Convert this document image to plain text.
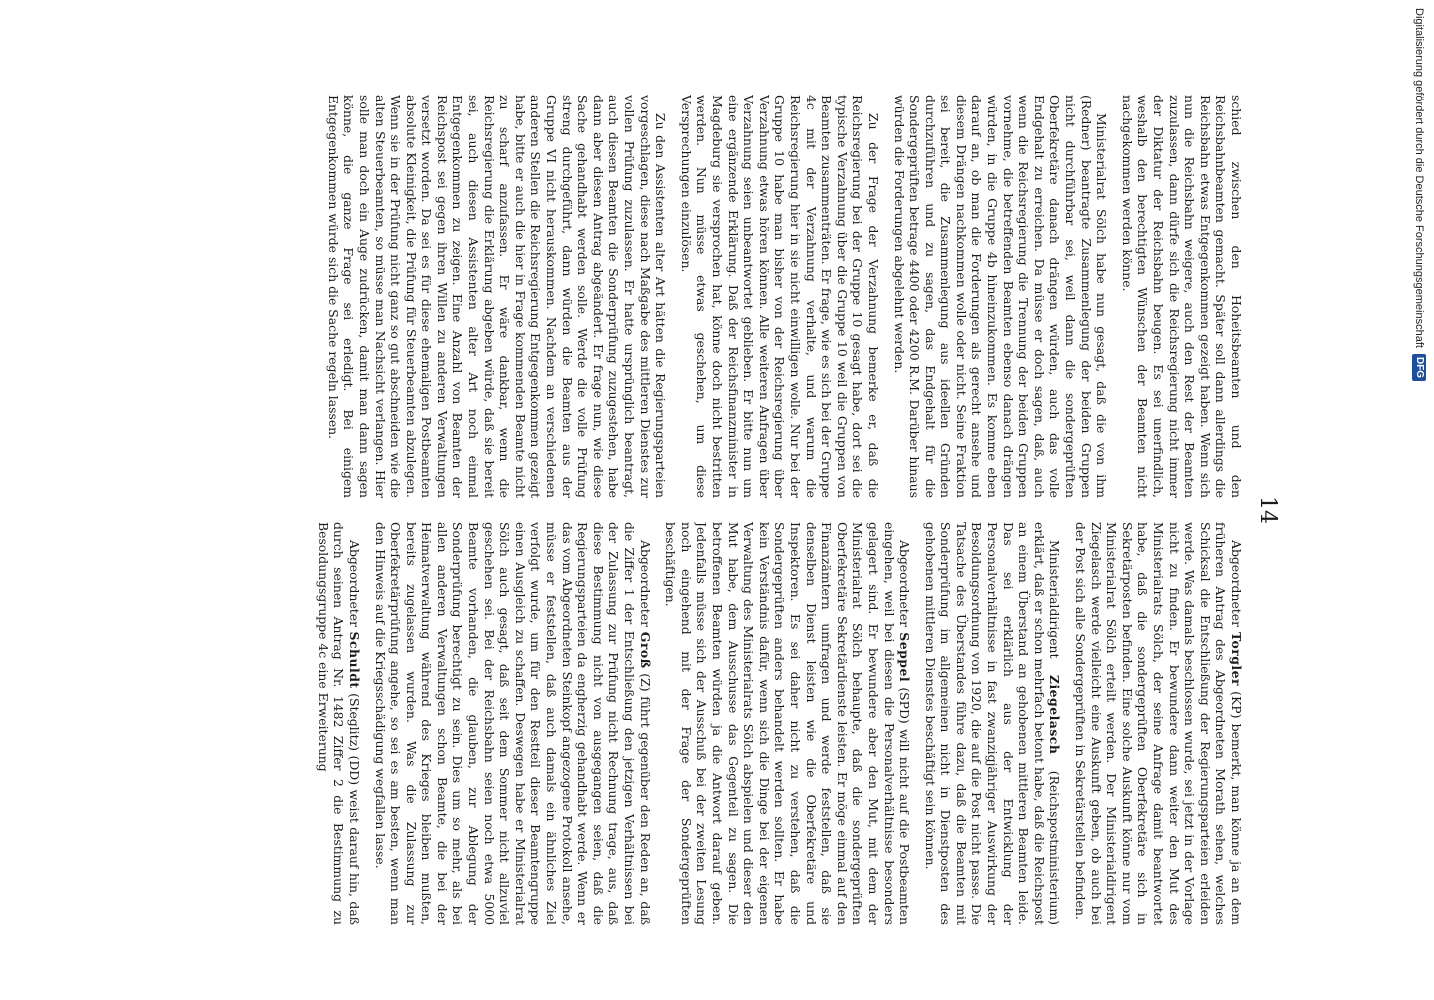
14

schied zwischen den Hoheitsbeamten und den Reichsbahnbeamten gemacht. Später soll dann allerdings die Reichsbahn etwas Entgegenkommen gezeigt haben. Wenn sich nun die Reichsbahn weigere, auch den Rest der Beamten zuzulassen, dann dürfe sich die Reichsregierung nicht immer der Diktatur der Reichsbahn beugen. Es sei unerfindlich, weshalb den berechtigten Wünschen der Beamten nicht nachgekommen werden könne.

Ministerialrat Sölch habe nun gesagt, daß die von ihm (Redner) beantragte Zusammenlegung der beiden Gruppen nicht durchführbar sei, weil dann die sondergeprüften Oberfekretäre danach drängen würden, auch das volle Endgehalt zu erreichen. Da müsse er doch sagen, daß, auch wenn die Reichsregierung die Trennung der beiden Gruppen vornehme, die betreffenden Beamten ebenso danach drängen würden, in die Gruppe 4b hineinzukommen. Es komme eben darauf an, ob man die Forderungen als gerecht ansehe und diesem Drängen nachkommen wolle oder nicht. Seine Fraktion sei bereit, die Zusammenlegung aus ideellen Gründen durchzuführen und zu sagen, das Endgehalt für die Sondergeprüften betrage 4400 oder 4200 R.M. Darüber hinaus würden die Forderungen abgelehnt werden.

Zu der Frage der Verzahnung bemerke er, daß die Reichsregierung bei der Gruppe 10 gesagt habe, dort sei die typische Verzahnung über die Gruppe 10 weil die Gruppen von Beamten zusammenträten. Er frage, wie es sich bei der Gruppe 4c mit der Verzahnung verhalte, und warum die Reichsregierung hier in sie nicht einwilligen wolle. Nur bei der Gruppe 10 habe man bisher von der Reichsregierung über Verzahnung etwas hören können. Alle weiteren Anfragen über Verzahnung seien unbeantwortet geblieben. Er bitte nun um eine ergänzende Erklärung. Daß der Reichsfinanzminister in Magdeburg sie versprochen hat, könne doch nicht bestritten werden. Nun müsse etwas geschehen, um diese Versprechungen einzulösen.

Zu den Assistenten alter Art hätten die Regierungsparteien vorgeschlagen, diese nach Maßgabe des mittleren Dienstes zur vollen Prüfung zuzulassen. Er hatte ursprünglich beantragt, auch diesen Beamten die Sonderprüfung zuzugestehen, habe dann aber diesen Antrag abgeändert. Er frage nun, wie diese Sache gehandhabt werden solle. Werde die volle Prüfung streng durchgeführt, dann würden die Beamten aus der Gruppe VI nicht herauskommen. Nachdem an verschiedenen anderen Stellen die Reichsregierung Entgegenkommen gezeigt habe, bitte er auch die hier in Frage kommenden Beamte nicht zu scharf anzufassen. Er wäre dankbar, wenn die Reichsregierung die Erklärung abgeben würde, daß sie bereit sei, auch diesen Assistenten alter Art noch einmal Entgegenkommen zu zeigen. Eine Anzahl von Beamten der Reichspost sei gegen ihren Willen zu anderen Verwaltungen versetzt worden. Da sei es für diese ehemaligen Postbeamten absolute Kleinigkeit, die Prüfung für Steuerbeamten abzulegen. Wenn sie in der Prüfung nicht ganz so gut abschneiden wie die alten Steuerbeamten, so müsse man Nachsicht verlangen. Hier solle man doch ein Auge zudrücken, damit man dann sagen könne, die ganze Frage sei erledigt. Bei einigem Entgegenkommen würde sich die Sache regeln lassen.

Abgeordneter Torgler (KP) bemerkt, man könne ja an dem früheren Antrag des Abgeordneten Morath sehen, welches Schicksal die Entschließung der Regierungsparteien erleiden werde. Was damals beschlossen wurde, sei jetzt in der Vorlage nicht zu finden. Er bewundere dann weiter den Mut des Ministerialrats Sölch, der seine Anfrage damit beantwortet habe, daß die sondergeprüften Oberfekretäre sich in Sekretärposten befinden. Eine solche Auskunft könne nur vom Ministerialrat Sölch erteilt werden. Der Ministerialdirigent Ziegelasch werde vielleicht eine Auskunft geben, ob auch bei der Post sich alle Sondergeprüften in Sekretärstellen befinden.

Ministerialdirigent Ziegelasch (Reichspostministerium) erklärt, daß er schon mehrfach betont habe, daß die Reichspost an einem Überstand an gehobenen mittleren Beamten leide. Das sei erklärlich aus der Entwicklung der Personalverhältnisse in fast zwanzigjähriger Auswirkung der Besoldungsordnung von 1920, die auf die Post nicht passe. Die Tatsache des Überstandes führe dazu, daß die Beamten mit Sonderprüfung im allgemeinen nicht in Dienstposten des gehobenen mittleren Dienstes beschäftigt sein können.

Abgeordneter Seppel (SPD) will nicht auf die Postbeamten eingehen, weil bei diesen die Personalverhältnisse besonders gelagert sind. Er bewundere aber den Mut, mit dem der Ministerialrat Sölch behaupte, daß die sondergeprüften Oberfekretäre Sekretärdienste leisten. Er möge einmal auf den Finanzämtern umfragen und werde feststellen, daß sie denselben Dienst leisten wie die Oberfekretäre und Inspektoren. Es sei daher nicht zu verstehen, daß die Sondergeprüften anders behandelt werden sollten. Er habe kein Verständnis dafür, wenn sich die Dinge bei der eigenen Verwaltung des Ministerialrats Sölch abspielen und dieser den Mut habe, dem Ausschusse das Gegenteil zu sagen. Die betroffenen Beamten würden ja die Antwort darauf geben. Jedenfalls müsse sich der Ausschuß bei der zweiten Lesung noch eingehend mit der Frage der Sondergeprüften beschäftigen.

Abgeordneter Groß (Z) führt gegenüber den Reden an, daß die Ziffer 1 der Entschließung den jetzigen Verhältnissen bei der Zulassung zur Prüfung nicht Rechnung trage, aus, daß diese Bestimmung nicht von ausgegangen seien, daß die Regierungsparteien da engherzig gehandhabt werde. Wenn er das vom Abgeordneten Steinkopf angezogene Protokoll ansehe, müsse er feststellen, daß auch damals ein ähnliches Ziel verfolgt wurde, um für den Restteil dieser Beamtengruppe einen Ausgleich zu schaffen. Deswegen habe er Ministerialrat Sölch auch gesagt, daß seit dem Sommer nicht allzuviel geschehen sei. Bei der Reichsbahn seien noch etwa 5000 Beamte vorhanden, die glauben, zur Ablegung der Sonderprüfung berechtigt zu sein. Dies um so mehr, als bei allen anderen Verwaltungen schon Beamte, die bei der Heimatverwaltung während des Krieges bleiben mußten, bereits zugelassen wurden. Was die Zulassung zur Oberfekretärprüfung angehe, so sei es am besten, wenn man den Hinweis auf die Kriegsschädigung wegfallen lasse.

Abgeordneter Schuldt (Steglitz) (DD) weist darauf hin, daß durch seinen Antrag Nr. 1482 Ziffer 2 die Bestimmung zu Besoldungsgruppe 4c eine Erweiterung

Digitalisierung gefördert durch die Deutsche Forschungsgemeinschaft
DFG
